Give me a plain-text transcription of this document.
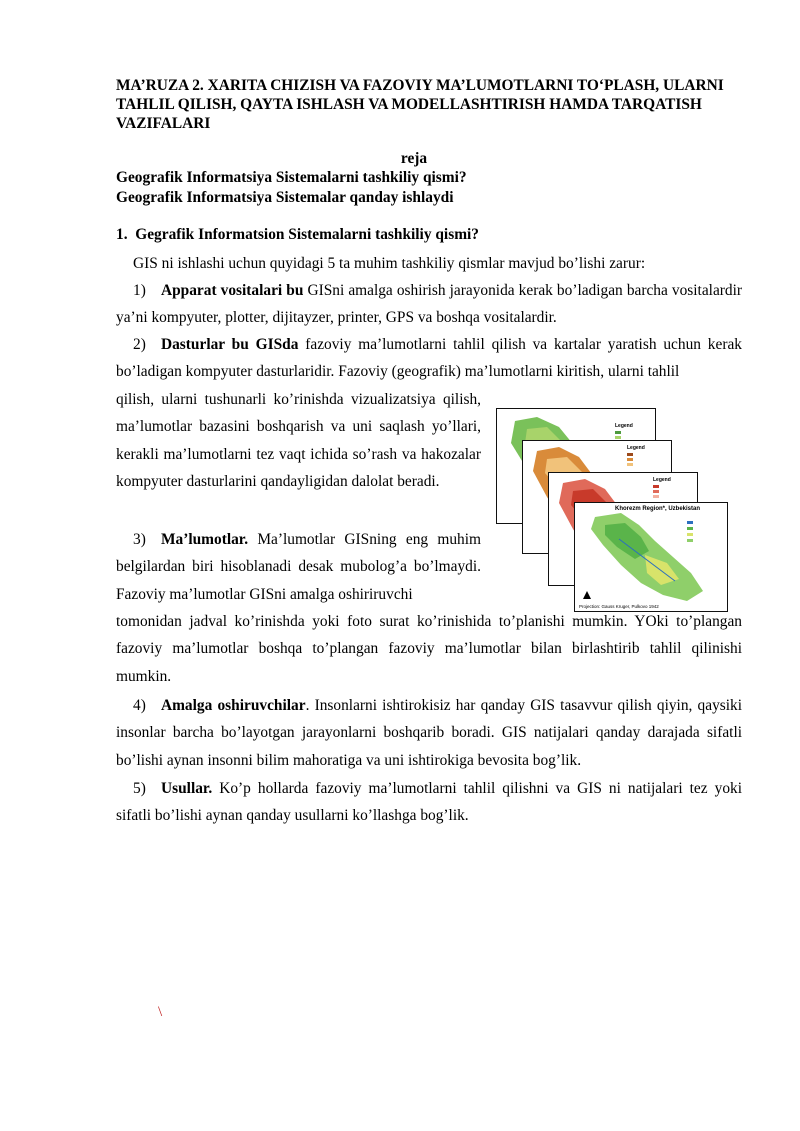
MA’RUZA 2. XARITA CHIZISH VA FAZOVIY MA’LUMOTLARNI TO‘PLASH, ULARNI TAHLIL QILISH, QAYTA ISHLASH VA MODELLASHTIRISH HAMDA TARQATISH VAZIFALARI

reja

Geografik Informatsiya Sistemalarni tashkiliy qismi?
Geografik Informatsiya Sistemalar qanday ishlaydi
1. Gegrafik Informatsion Sistemalarni tashkiliy qismi?

GIS ni ishlashi uchun quyidagi 5 ta muhim tashkiliy qismlar mavjud bo’lishi zarur:

1) Apparat vositalari bu GISni amalga oshirish jarayonida kerak bo’ladigan barcha vositalardir ya’ni kompyuter, plotter, dijitayzer, printer, GPS va boshqa vositalardir.

2) Dasturlar bu GISda fazoviy ma’lumotlarni tahlil qilish va kartalar yaratish uchun kerak bo’ladigan kompyuter dasturlaridir. Fazoviy (geografik) ma’lumotlarni kiritish, ularni tahlil

qilish, ularni tushunarli ko’rinishda vizualizatsiya qilish, ma’lumotlar bazasini boshqarish va uni saqlash yo’llari, kerakli ma’lumotlarni tez vaqt ichida so’rash va hakozalar kompyuter dasturlarini qandayligidan dalolat beradi.

3) Ma’lumotlar. Ma’lumotlar GISning eng muhim belgilardan biri hisoblanadi desak mubolog’a bo’lmaydi. Fazoviy ma’lumotlar GISni amalga oshiriruvchi

tomonidan jadval ko’rinishda yoki foto surat ko’rinishida to’planishi mumkin. YOki to’plangan fazoviy ma’lumotlar boshqa to’plangan fazoviy ma’lumotlar bilan birlashtirib tahlil qilinishi mumkin.

4) Amalga oshiruvchilar. Insonlarni ishtirokisiz har qanday GIS tasavvur qilish qiyin, qaysiki insonlar barcha bo’layotgan jarayonlarni boshqarib boradi. GIS natijalari qanday darajada sifatli bo’lishi aynan insonni bilim mahoratiga va uni ishtirokiga bevosita bog’lik.

5) Usullar. Ko’p hollarda fazoviy ma’lumotlarni tahlil qilishni va GIS ni natijalari tez yoki sifatli bo’lishi aynan qanday usullarni ko’llashga bog’lik.

Legend
Legend
Legend
Khorezm Region*, Uzbekistan
Projection: Gauss Kruger, Pulkovo 1942
\
